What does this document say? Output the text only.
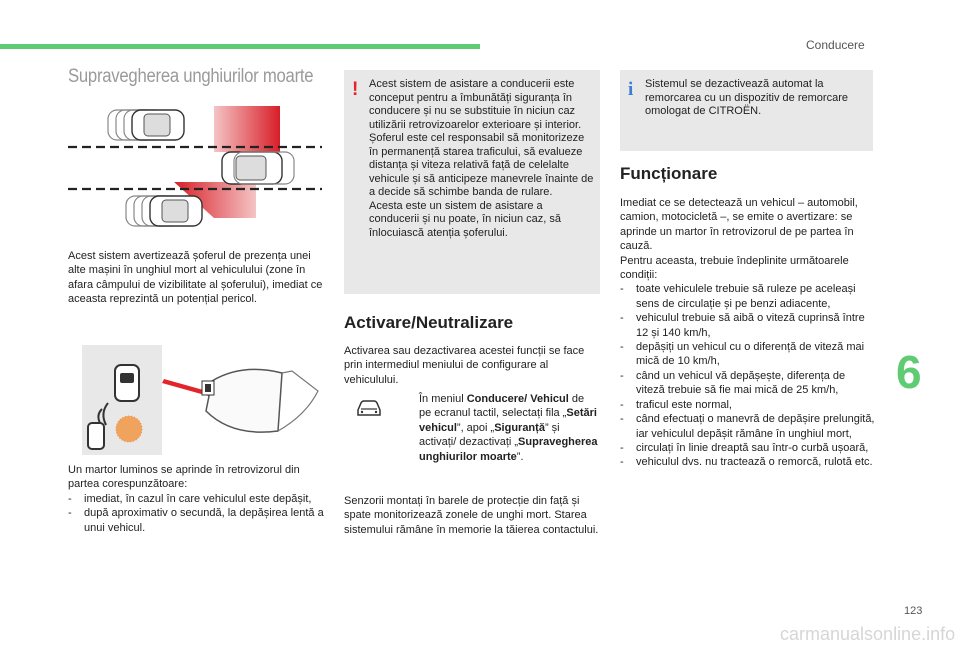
Conducere
Supravegherea unghiurilor moarte
Acest sistem avertizează șoferul de prezența unei alte mașini în unghiul mort al vehiculului (zone în afara câmpului de vizibilitate al șoferului), imediat ce aceasta reprezintă un potențial pericol.

Un martor luminos se aprinde în retrovizorul din partea corespunzătoare:

- imediat, în cazul în care vehiculul este depășit,
- după aproximativ o secundă, la depășirea lentă a unui vehicul.
! Acest sistem de asistare a conducerii este conceput pentru a îmbunătăți siguranța în conducere și nu se substituie în niciun caz utilizării retrovizoarelor exterioare și interior. Șoferul este cel responsabil să monitorizeze în permanență starea traficului, să evalueze distanța și viteza relativă față de celelalte vehicule și să anticipeze manevrele înainte de a decide să schimbe banda de rulare.

Acesta este un sistem de asistare a conducerii și nu poate, în niciun caz, să înlocuiască atenția șoferului.

Activare/Neutralizare
Activarea sau dezactivarea acestei funcții se face prin intermediul meniului de configurare al vehiculului.
În meniul Conducere/ Vehicul de pe ecranul tactil, selectați fila „Setări vehicul”, apoi „Siguranță” și activați/ dezactivați „Supravegherea unghiurilor moarte”.
Senzorii montați în barele de protecție din față și spate monitorizează zonele de unghi mort. Starea sistemului rămâne în memorie la tăierea contactului.
i Sistemul se dezactivează automat la remorcarea cu un dispozitiv de remorcare omologat de CITROËN.
Funcționare

Imediat ce se detectează un vehicul – automobil, camion, motocicletă –, se emite o avertizare: se aprinde un martor în retrovizorul de pe partea în cauză.

Pentru aceasta, trebuie îndeplinite următoarele condiții:

- toate vehiculele trebuie să ruleze pe aceleași sens de circulație și pe benzi adiacente,
- vehiculul trebuie să aibă o viteză cuprinsă între 12 și 140 km/h,
- depășiți un vehicul cu o diferență de viteză mai mică de 10 km/h,
- când un vehicul vă depășește, diferența de viteză trebuie să fie mai mică de 25 km/h,
- traficul este normal,
- când efectuați o manevră de depășire prelungită, iar vehiculul depășit rămâne în unghiul mort,
- circulați în linie dreaptă sau într-o curbă ușoară,
- vehiculul dvs. nu tractează o remorcă, rulotă etc.
6
123
carmanualsonline.info
